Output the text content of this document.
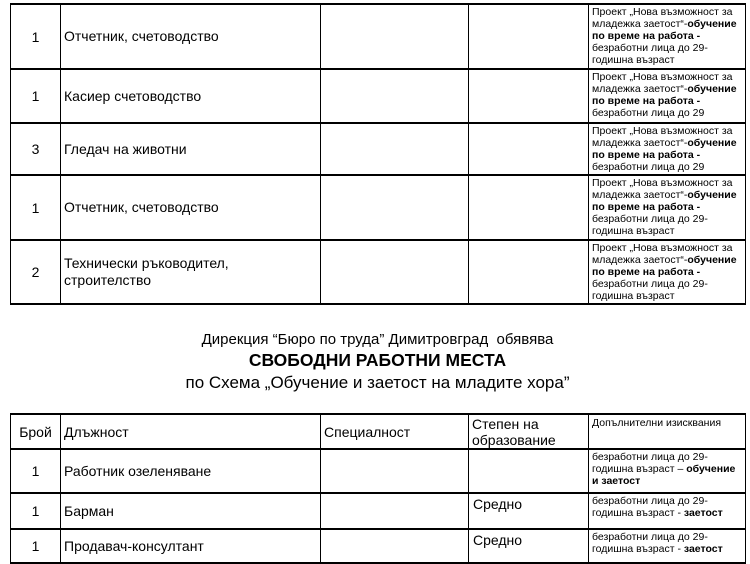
1	Отчетник, счетоводство			Проект „Нова възможност за младежка заетост“-обучение по време на работа - безработни лица до 29-годишна възраст
1	Касиер счетоводство			Проект „Нова възможност за младежка заетост“-обучение по време на работа - безработни лица до 29
3	Гледач на животни			Проект „Нова възможност за младежка заетост“-обучение по време на работа - безработни лица до 29
1	Отчетник, счетоводство			Проект „Нова възможност за младежка заетост“-обучение по време на работа - безработни лица до 29-годишна възраст
2	Технически ръководител, строителство			Проект „Нова възможност за младежка заетост“-обучение по време на работа - безработни лица до 29-годишна възраст
Дирекция “Бюро по труда” Димитровград  обявява
СВОБОДНИ РАБОТНИ МЕСТА
по Схема „Обучение и заетост на младите хора”
Брой	Длъжност	Специалност	Степен на образование	Допълнителни изисквания
1	Работник озеленяване			безработни лица до 29-годишна възраст – обучение и заетост
1	Барман		Средно	безработни лица до 29-годишна възраст - заетост
1	Продавач-консултант		Средно	безработни лица до 29-годишна възраст - заетост
